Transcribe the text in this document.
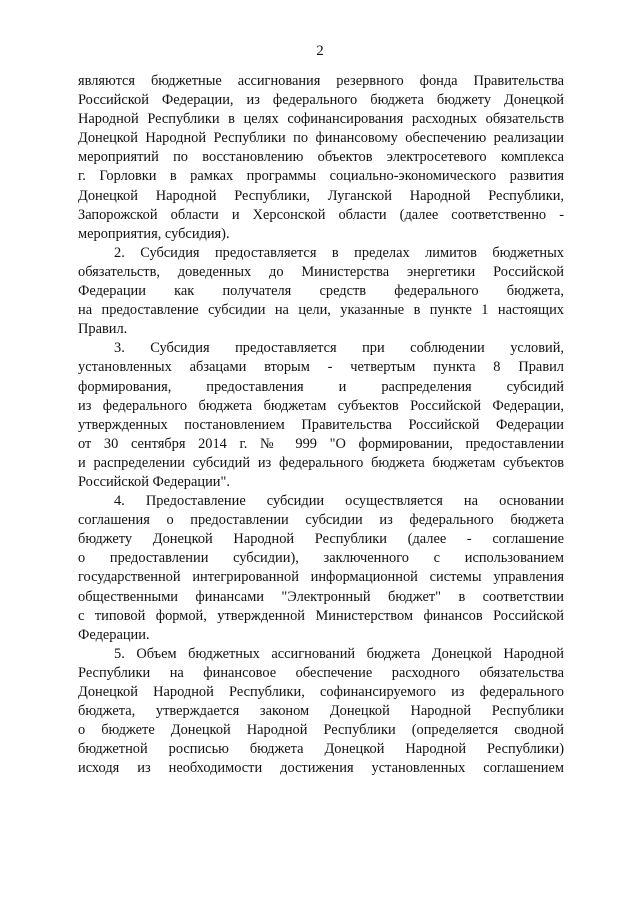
2
являются бюджетные ассигнования резервного фонда Правительства
Российской Федерации, из федерального бюджета бюджету Донецкой
Народной Республики в целях софинансирования расходных обязательств
Донецкой Народной Республики по финансовому обеспечению реализации
мероприятий по восстановлению объектов электросетевого комплекса
г. Горловки в рамках программы социально-экономического развития
Донецкой Народной Республики, Луганской Народной Республики,
Запорожской области и Херсонской области (далее соответственно -
мероприятия, субсидия).
2. Субсидия предоставляется в пределах лимитов бюджетных
обязательств, доведенных до Министерства энергетики Российской
Федерации как получателя средств федерального бюджета,
на предоставление субсидии на цели, указанные в пункте 1 настоящих
Правил.
3. Субсидия предоставляется при соблюдении условий,
установленных абзацами вторым - четвертым пункта 8 Правил
формирования, предоставления и распределения субсидий
из федерального бюджета бюджетам субъектов Российской Федерации,
утвержденных постановлением Правительства Российской Федерации
от 30 сентября 2014 г. № 999 "О формировании, предоставлении
и распределении субсидий из федерального бюджета бюджетам субъектов
Российской Федерации".
4. Предоставление субсидии осуществляется на основании
соглашения о предоставлении субсидии из федерального бюджета
бюджету Донецкой Народной Республики (далее - соглашение
о предоставлении субсидии), заключенного с использованием
государственной интегрированной информационной системы управления
общественными финансами "Электронный бюджет" в соответствии
с типовой формой, утвержденной Министерством финансов Российской
Федерации.
5. Объем бюджетных ассигнований бюджета Донецкой Народной
Республики на финансовое обеспечение расходного обязательства
Донецкой Народной Республики, софинансируемого из федерального
бюджета, утверждается законом Донецкой Народной Республики
о бюджете Донецкой Народной Республики (определяется сводной
бюджетной росписью бюджета Донецкой Народной Республики)
исходя из необходимости достижения установленных соглашением
